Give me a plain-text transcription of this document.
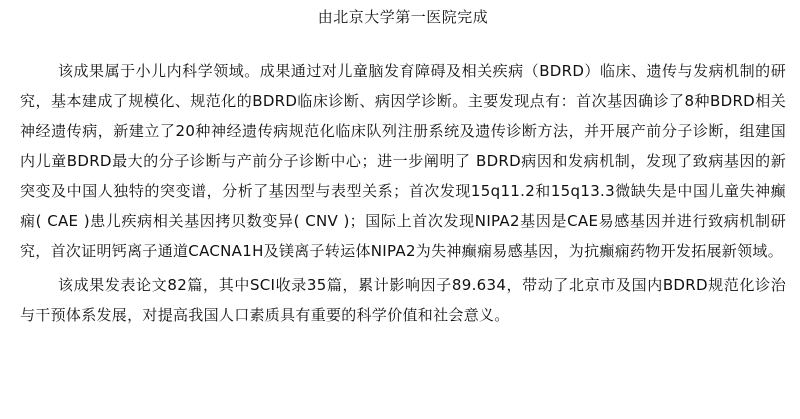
由北京大学第一医院完成

该成果属于小儿内科学领域。成果通过对儿童脑发育障碍及相关疾病（BDRD）临床、遗传与发病机制的研究，基本建成了规模化、规范化的BDRD临床诊断、病因学诊断。主要发现点有：首次基因确诊了8种BDRD相关神经遗传病，新建立了20种神经遗传病规范化临床队列注册系统及遗传诊断方法，并开展产前分子诊断，组建国内儿童BDRD最大的分子诊断与产前分子诊断中心；进一步阐明了 BDRD病因和发病机制，发现了致病基因的新突变及中国人独特的突变谱，分析了基因型与表型关系；首次发现15q11.2和15q13.3微缺失是中国儿童失神癫痫( CAE )患儿疾病相关基因拷贝数变异( CNV )；国际上首次发现NIPA2基因是CAE易感基因并进行致病机制研究，首次证明钙离子通道CACNA1H及镁离子转运体NIPA2为失神癫痫易感基因，为抗癫痫药物开发拓展新领域。

该成果发表论文82篇，其中SCI收录35篇，累计影响因子89.634，带动了北京市及国内BDRD规范化诊治与干预体系发展，对提高我国人口素质具有重要的科学价值和社会意义。
